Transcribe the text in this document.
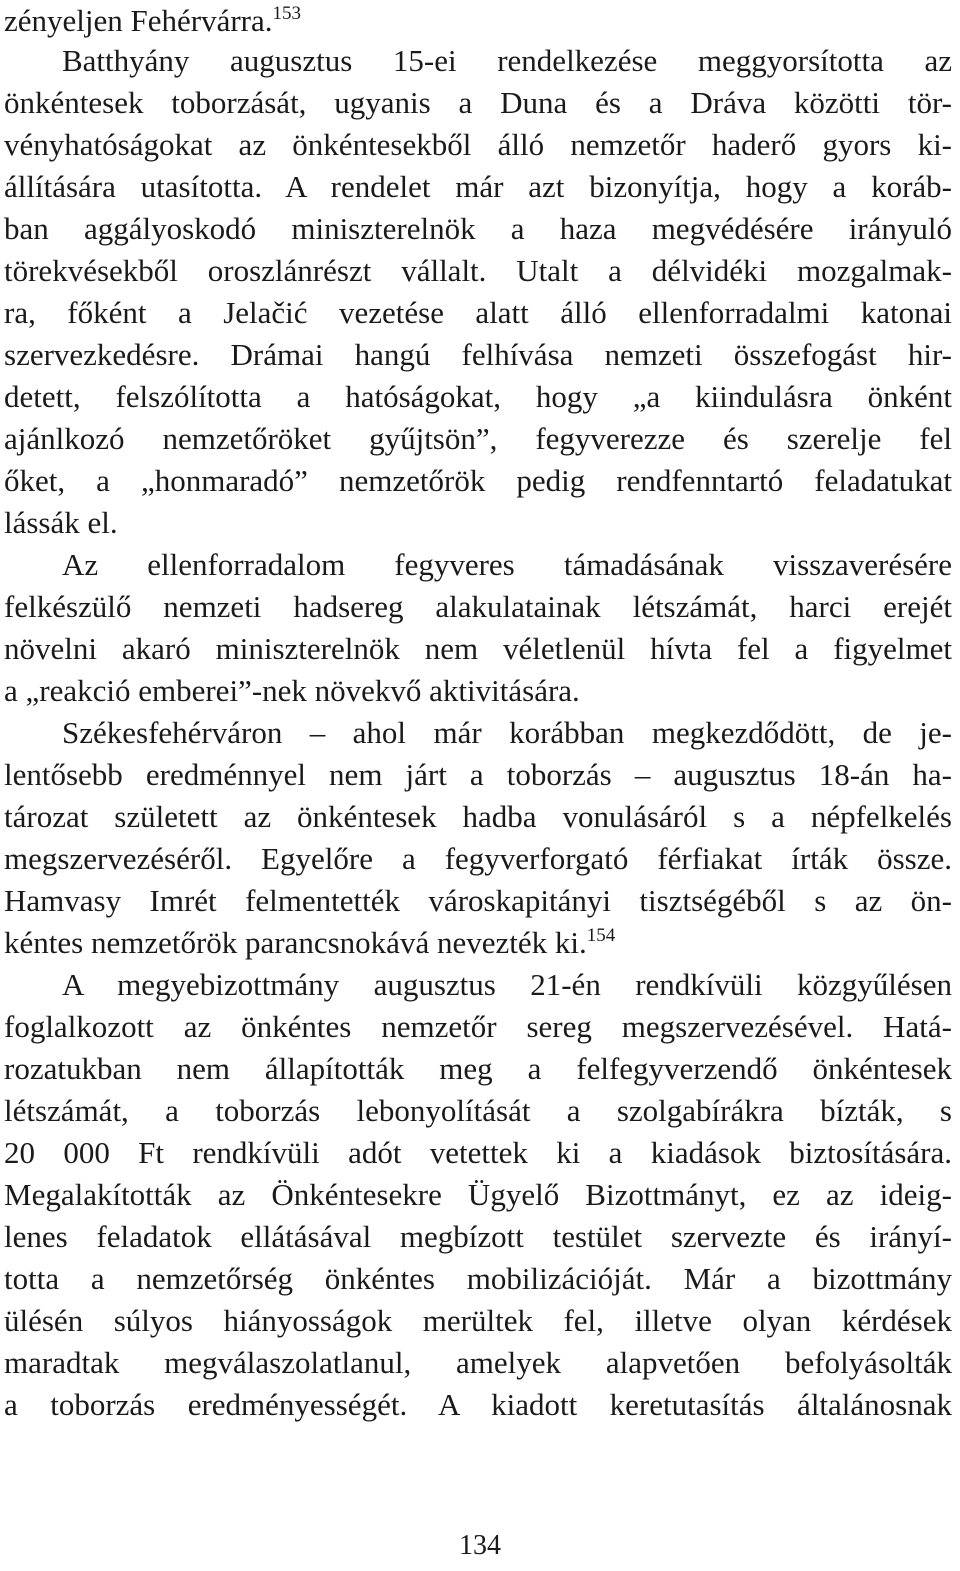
zényeljen Fehérvárra.$^{153}$
Batthyány augusztus 15-ei rendelkezése meggyorsította az
önkéntesek toborzását, ugyanis a Duna és a Dráva közötti tör-
vényhatóságokat az önkéntesekből álló nemzetőr haderő gyors ki-
állítására utasította. A rendelet már azt bizonyítja, hogy a koráb-
ban aggályoskodó miniszterelnök a haza megvédésére irányuló
törekvésekből oroszlánrészt vállalt. Utalt a délvidéki mozgalmak-
ra, főként a Jelačić vezetése alatt álló ellenforradalmi katonai
szervezkedésre. Drámai hangú felhívása nemzeti összefogást hir-
detett, felszólította a hatóságokat, hogy „a kiindulásra önként
ajánlkozó nemzetőröket gyűjtsön”, fegyverezze és szerelje fel
őket, a „honmaradó” nemzetőrök pedig rendfenntartó feladatukat
lássák el.
Az ellenforradalom fegyveres támadásának visszaverésére
felkészülő nemzeti hadsereg alakulatainak létszámát, harci erejét
növelni akaró miniszterelnök nem véletlenül hívta fel a figyelmet
a „reakció emberei”-nek növekvő aktivitására.
Székesfehérváron – ahol már korábban megkezdődött, de je-
lentősebb eredménnyel nem járt a toborzás – augusztus 18-án ha-
tározat született az önkéntesek hadba vonulásáról s a népfelkelés
megszervezéséről. Egyelőre a fegyverforgató férfiakat írták össze.
Hamvasy Imrét felmentették városkapitányi tisztségéből s az ön-
kéntes nemzetőrök parancsnokává nevezték ki.$^{154}$
A megyebizottmány augusztus 21-én rendkívüli közgyűlésen
foglalkozott az önkéntes nemzetőr sereg megszervezésével. Hatá-
rozatukban nem állapították meg a felfegyverzendő önkéntesek
létszámát, a toborzás lebonyolítását a szolgabírákra bízták, s
20 000 Ft rendkívüli adót vetettek ki a kiadások biztosítására.
Megalakították az Önkéntesekre Ügyelő Bizottmányt, ez az ideig-
lenes feladatok ellátásával megbízott testület szervezte és irányí-
totta a nemzetőrség önkéntes mobilizációját. Már a bizottmány
ülésén súlyos hiányosságok merültek fel, illetve olyan kérdések
maradtak megválaszolatlanul, amelyek alapvetően befolyásolták
a toborzás eredményességét. A kiadott keretutasítás általánosnak
134
